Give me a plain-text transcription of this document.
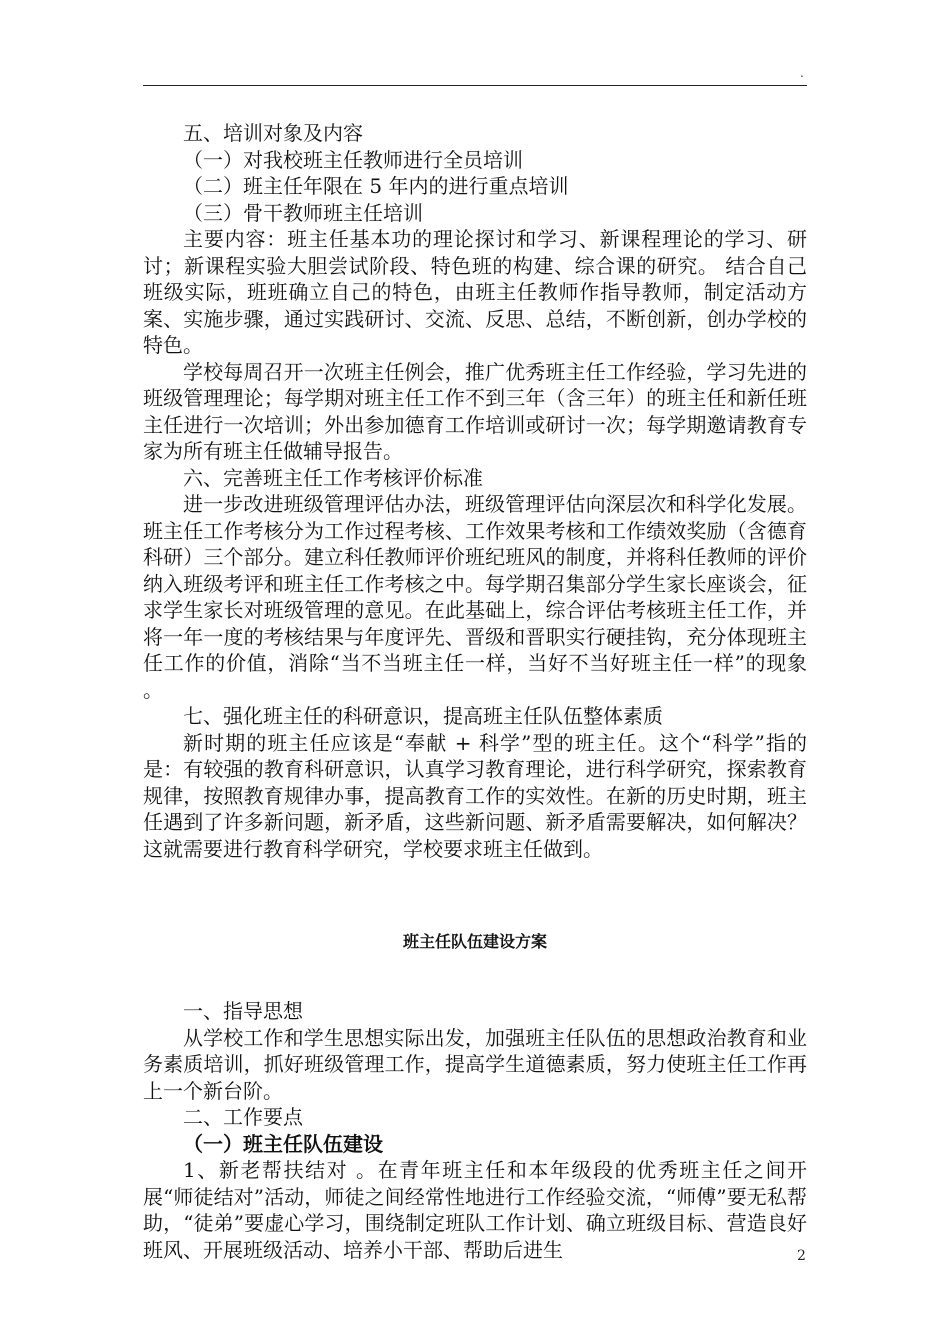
.

五、培训对象及内容

（一）对我校班主任教师进行全员培训

（二）班主任年限在 5 年内的进行重点培训

（三）骨干教师班主任培训

主要内容：班主任基本功的理论探讨和学习、新课程理论的学习、研讨；新课程实验大胆尝试阶段、特色班的构建、综合课的研究。 结合自己班级实际，班班确立自己的特色，由班主任教师作指导教师，制定活动方案、实施步骤，通过实践研讨、交流、反思、总结，不断创新，创办学校的特色。

学校每周召开一次班主任例会，推广优秀班主任工作经验，学习先进的班级管理理论；每学期对班主任工作不到三年（含三年）的班主任和新任班主任进行一次培训；外出参加德育工作培训或研讨一次；每学期邀请教育专家为所有班主任做辅导报告。

六、完善班主任工作考核评价标准

进一步改进班级管理评估办法，班级管理评估向深层次和科学化发展。班主任工作考核分为工作过程考核、工作效果考核和工作绩效奖励（含德育科研）三个部分。建立科任教师评价班纪班风的制度，并将科任教师的评价纳入班级考评和班主任工作考核之中。每学期召集部分学生家长座谈会，征求学生家长对班级管理的意见。在此基础上，综合评估考核班主任工作，并将一年一度的考核结果与年度评先、晋级和晋职实行硬挂钩，充分体现班主任工作的价值，消除“当不当班主任一样，当好不当好班主任一样”的现象 。

七、强化班主任的科研意识，提高班主任队伍整体素质

新时期的班主任应该是“奉献 + 科学”型的班主任。这个“科学”指的是：有较强的教育科研意识，认真学习教育理论，进行科学研究，探索教育规律，按照教育规律办事，提高教育工作的实效性。在新的历史时期，班主任遇到了许多新问题，新矛盾，这些新问题、新矛盾需要解决，如何解决？这就需要进行教育科学研究，学校要求班主任做到。

班主任队伍建设方案

一、指导思想

从学校工作和学生思想实际出发，加强班主任队伍的思想政治教育和业务素质培训，抓好班级管理工作，提高学生道德素质，努力使班主任工作再上一个新台阶。

二、工作要点

（一）班主任队伍建设

1、新老帮扶结对 。在青年班主任和本年级段的优秀班主任之间开展“师徒结对”活动，师徒之间经常性地进行工作经验交流，“师傅”要无私帮助，“徒弟”要虚心学习，围绕制定班队工作计划、确立班级目标、营造良好班风、开展班级活动、培养小干部、帮助后进生	2
